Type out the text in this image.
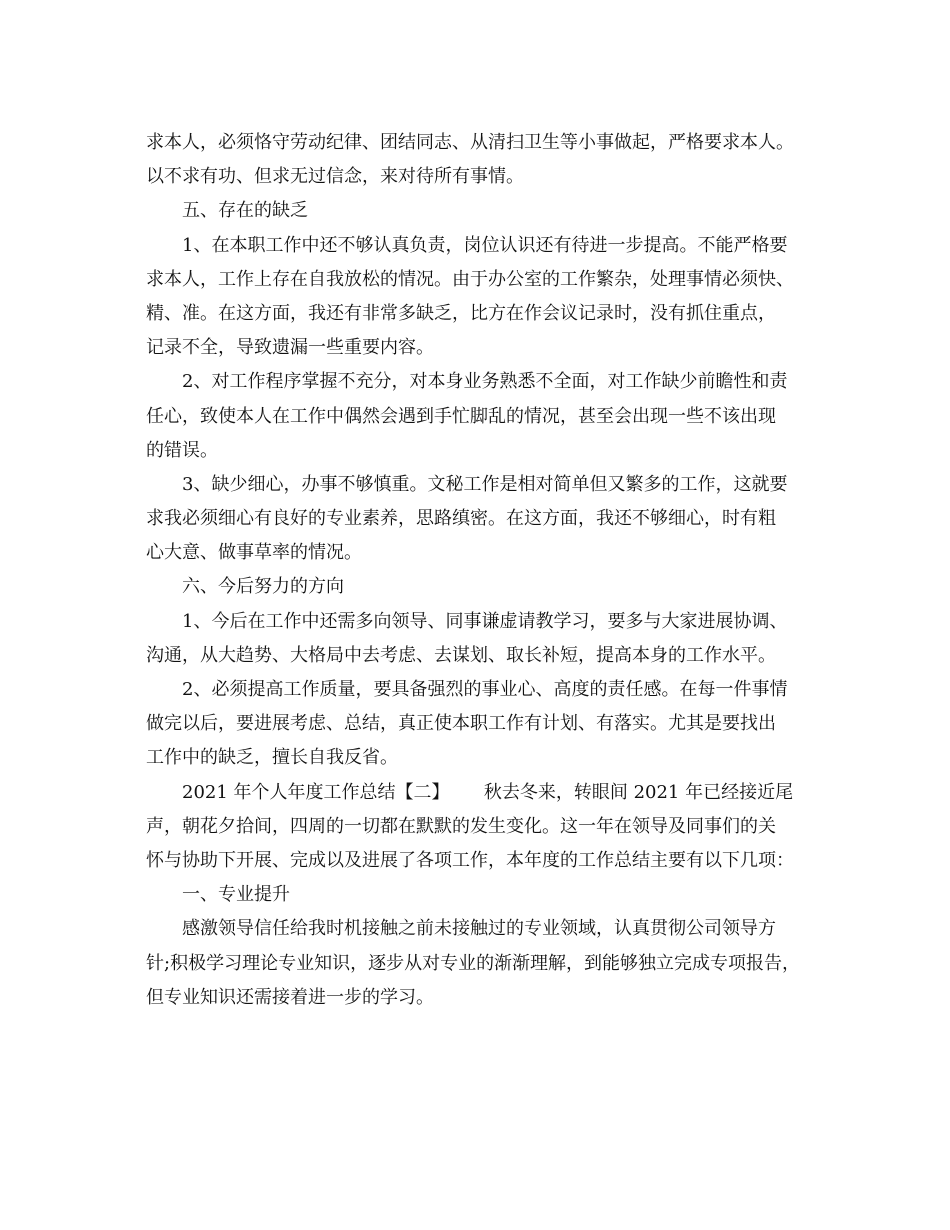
求本人，必须恪守劳动纪律、团结同志、从清扫卫生等小事做起，严格要求本人。
以不求有功、但求无过信念，来对待所有事情。
五、存在的缺乏
1、在本职工作中还不够认真负责，岗位认识还有待进一步提高。不能严格要
求本人，工作上存在自我放松的情况。由于办公室的工作繁杂，处理事情必须快、
精、准。在这方面，我还有非常多缺乏，比方在作会议记录时，没有抓住重点，
记录不全，导致遗漏一些重要内容。
2、对工作程序掌握不充分，对本身业务熟悉不全面，对工作缺少前瞻性和责
任心，致使本人在工作中偶然会遇到手忙脚乱的情况，甚至会出现一些不该出现
的错误。
3、缺少细心，办事不够慎重。文秘工作是相对简单但又繁多的工作，这就要
求我必须细心有良好的专业素养，思路缜密。在这方面，我还不够细心，时有粗
心大意、做事草率的情况。
六、今后努力的方向
1、今后在工作中还需多向领导、同事谦虚请教学习，要多与大家进展协调、
沟通，从大趋势、大格局中去考虑、去谋划、取长补短，提高本身的工作水平。
2、必须提高工作质量，要具备强烈的事业心、高度的责任感。在每一件事情
做完以后，要进展考虑、总结，真正使本职工作有计划、有落实。尤其是要找出
工作中的缺乏，擅长自我反省。
2021 年个人年度工作总结【二】      秋去冬来，转眼间 2021 年已经接近尾
声，朝花夕拾间，四周的一切都在默默的发生变化。这一年在领导及同事们的关
怀与协助下开展、完成以及进展了各项工作，本年度的工作总结主要有以下几项：
一、专业提升
感激领导信任给我时机接触之前未接触过的专业领域，认真贯彻公司领导方
针;积极学习理论专业知识，逐步从对专业的渐渐理解，到能够独立完成专项报告，
但专业知识还需接着进一步的学习。
